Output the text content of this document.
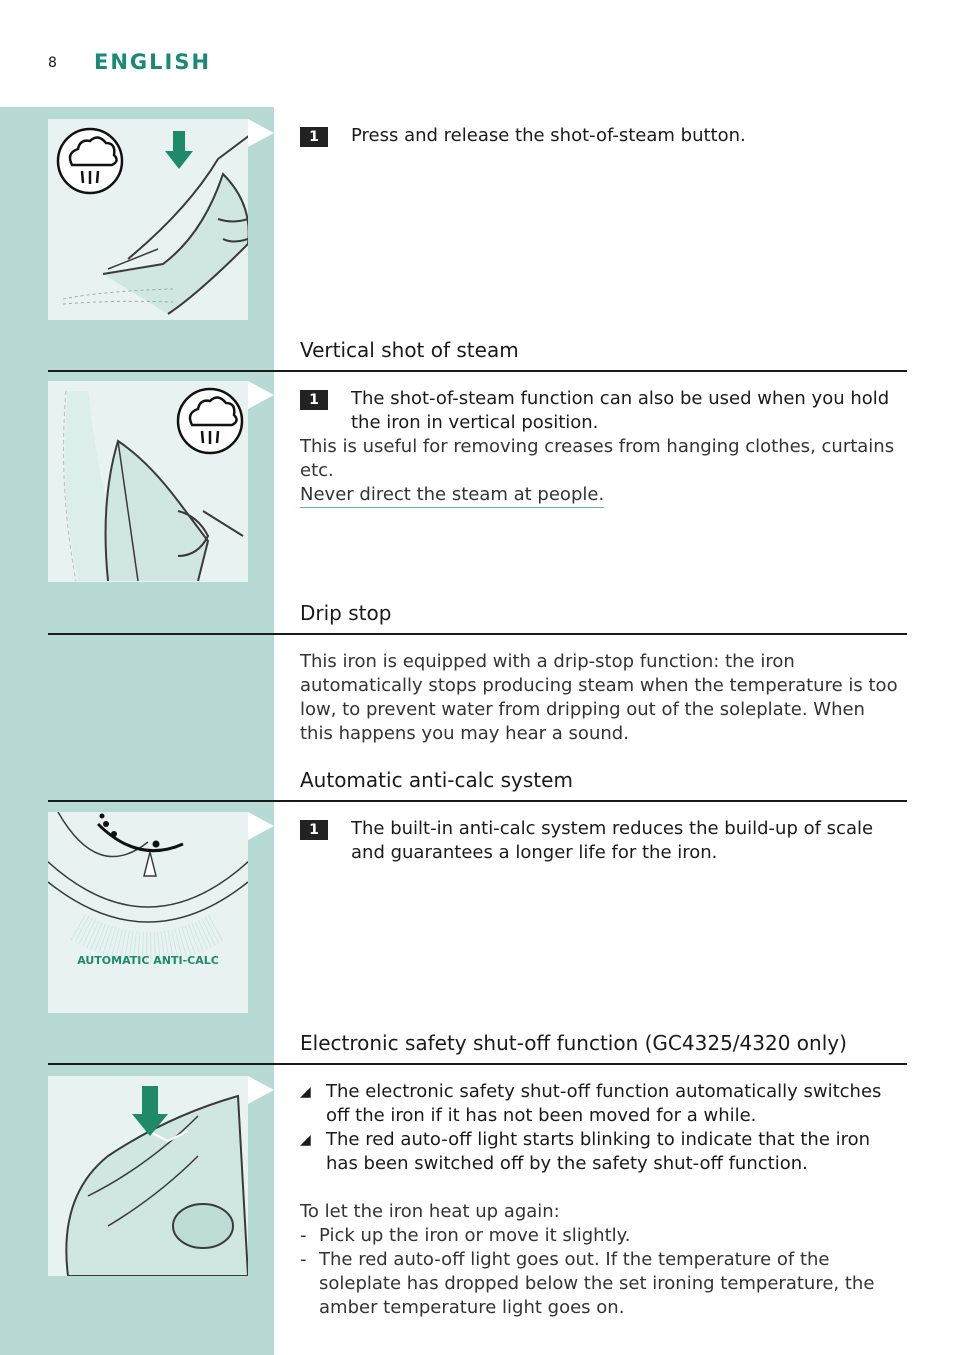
8 ENGLISH
AUTOMATIC ANTI-CALC
1	Press and release the shot-of-steam button.
Vertical shot of steam
1	The shot-of-steam function can also be used when you hold the iron in vertical position.
This is useful for removing creases from hanging clothes, curtains etc.
Never direct the steam at people.
Drip stop
This iron is equipped with a drip-stop function: the iron automatically stops producing steam when the temperature is too low, to prevent water from dripping out of the soleplate. When this happens you may hear a sound.
Automatic anti-calc system
1	The built-in anti-calc system reduces the build-up of scale and guarantees a longer life for the iron.
Electronic safety shut-off function (GC4325/4320 only)
◢ The electronic safety shut-off function automatically switches off the iron if it has not been moved for a while.
◢ The red auto-off light starts blinking to indicate that the iron has been switched off by the safety shut-off function.
To let the iron heat up again:
- Pick up the iron or move it slightly.
- The red auto-off light goes out. If the temperature of the soleplate has dropped below the set ironing temperature, the amber temperature light goes on.
